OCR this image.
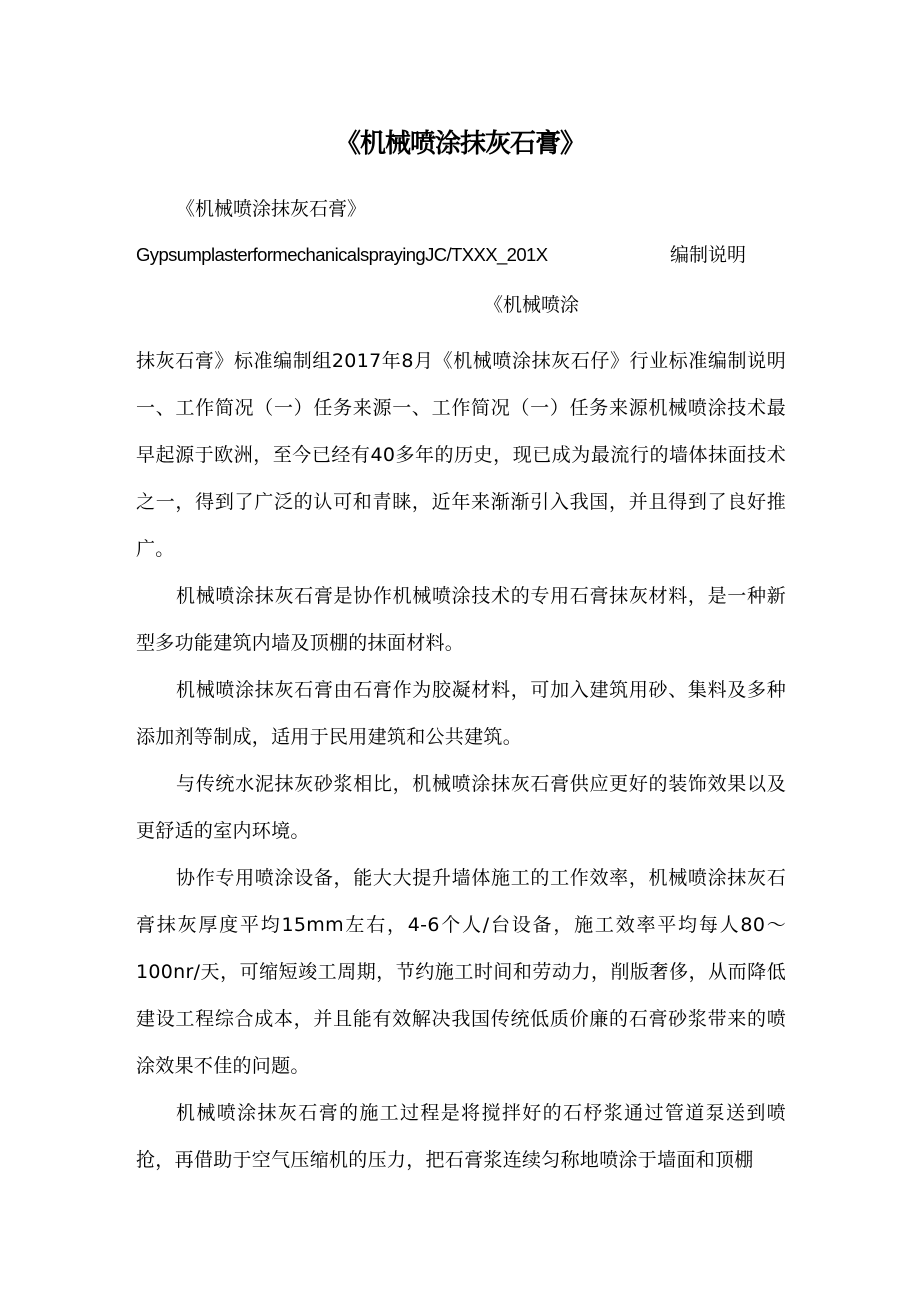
《机械喷涂抹灰石膏》
《机械喷涂抹灰石膏》
GypsumplasterformechanicalsprayingJC/TXXX_201X	编制说明
《机械喷涂

抹灰石膏》标准编制组2017年8月《机械喷涂抹灰石仔》行业标准编制说明一、工作简况（一）任务来源一、工作简况（一）任务来源机械喷涂技术最早起源于欧洲，至今已经有40多年的历史，现已成为最流行的墙体抹面技术之一，得到了广泛的认可和青睐，近年来渐渐引入我国，并且得到了良好推广。

机械喷涂抹灰石膏是协作机械喷涂技术的专用石膏抹灰材料，是一种新型多功能建筑内墙及顶棚的抹面材料。

机械喷涂抹灰石膏由石膏作为胶凝材料，可加入建筑用砂、集料及多种添加剂等制成，适用于民用建筑和公共建筑。

与传统水泥抹灰砂浆相比，机械喷涂抹灰石膏供应更好的装饰效果以及更舒适的室内环境。

协作专用喷涂设备，能大大提升墙体施工的工作效率，机械喷涂抹灰石膏抹灰厚度平均15mm左右，4-6个人/台设备，施工效率平均每人80～100nr/天，可缩短竣工周期，节约施工时间和劳动力，削版奢侈，从而降低建设工程综合成本，并且能有效解决我国传统低质价廉的石膏砂浆带来的喷涂效果不佳的问题。

机械喷涂抹灰石膏的施工过程是将搅拌好的石杼浆通过管道泵送到喷抢，再借助于空气压缩机的压力，把石膏浆连续匀称地喷涂于墙面和顶棚
